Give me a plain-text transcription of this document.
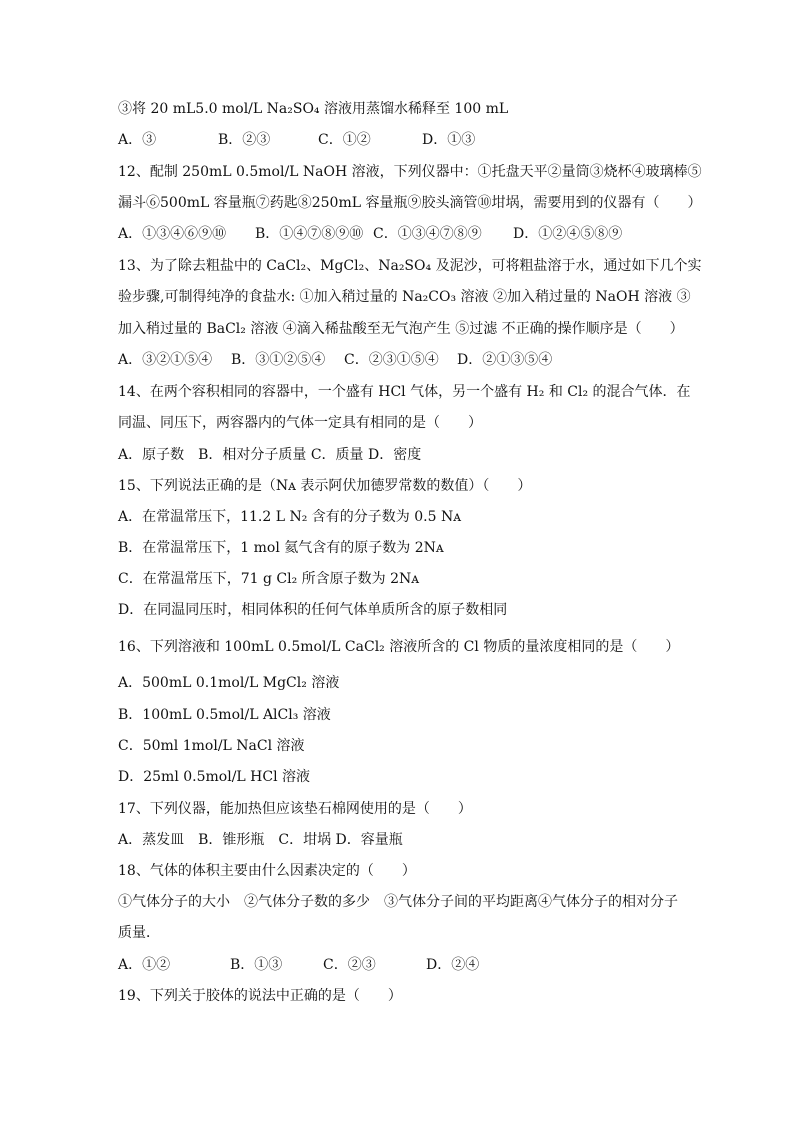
③将 20 mL5.0 mol/L Na₂SO₄ 溶液用蒸馏水稀释至 100 mL
A．③	B．②③	C．①②	D．①③
12、配制 250mL 0.5mol/L NaOH 溶液，下列仪器中：①托盘天平②量筒③烧杯④玻璃棒⑤
漏斗⑥500mL 容量瓶⑦药匙⑧250mL 容量瓶⑨胶头滴管⑩坩埚，需要用到的仪器有（　　）
A．①③④⑥⑨⑩	B．①④⑦⑧⑨⑩ C．①③④⑦⑧⑨	D．①②④⑤⑧⑨
13、为了除去粗盐中的 CaCl₂、MgCl₂、Na₂SO₄ 及泥沙，可将粗盐溶于水，通过如下几个实
验步骤,可制得纯净的食盐水: ①加入稍过量的 Na₂CO₃ 溶液 ②加入稍过量的 NaOH 溶液 ③
加入稍过量的 BaCl₂ 溶液 ④滴入稀盐酸至无气泡产生 ⑤过滤 不正确的操作顺序是（　　）
A．③②①⑤④	B．③①②⑤④	C．②③①⑤④	D．②①③⑤④
14、在两个容积相同的容器中，一个盛有 HCl 气体，另一个盛有 H₂ 和 Cl₂ 的混合气体．在
同温、同压下，两容器内的气体一定具有相同的是（　　）
A．原子数　B．相对分子质量 C．质量 D．密度
15、下列说法正确的是（Nᴀ 表示阿伏加德罗常数的数值）（　　）
A．在常温常压下，11.2 L N₂ 含有的分子数为 0.5 Nᴀ
B．在常温常压下，1 mol 氦气含有的原子数为 2Nᴀ
C．在常温常压下，71 g Cl₂ 所含原子数为 2Nᴀ
D．在同温同压时，相同体积的任何气体单质所含的原子数相同
16、下列溶液和 100mL 0.5mol/L CaCl₂ 溶液所含的 Cl 物质的量浓度相同的是（　　）
A．500mL 0.1mol/L MgCl₂ 溶液
B．100mL 0.5mol/L AlCl₃ 溶液
C．50ml 1mol/L NaCl 溶液
D．25ml 0.5mol/L HCl 溶液
17、下列仪器，能加热但应该垫石棉网使用的是（　　）
A．蒸发皿　B．锥形瓶　C．坩埚 D．容量瓶
18、气体的体积主要由什么因素决定的（　　）
①气体分子的大小　②气体分子数的多少　③气体分子间的平均距离④气体分子的相对分子
质量．
A．①②	B．①③	C．②③	D．②④
19、下列关于胶体的说法中正确的是（　　）
